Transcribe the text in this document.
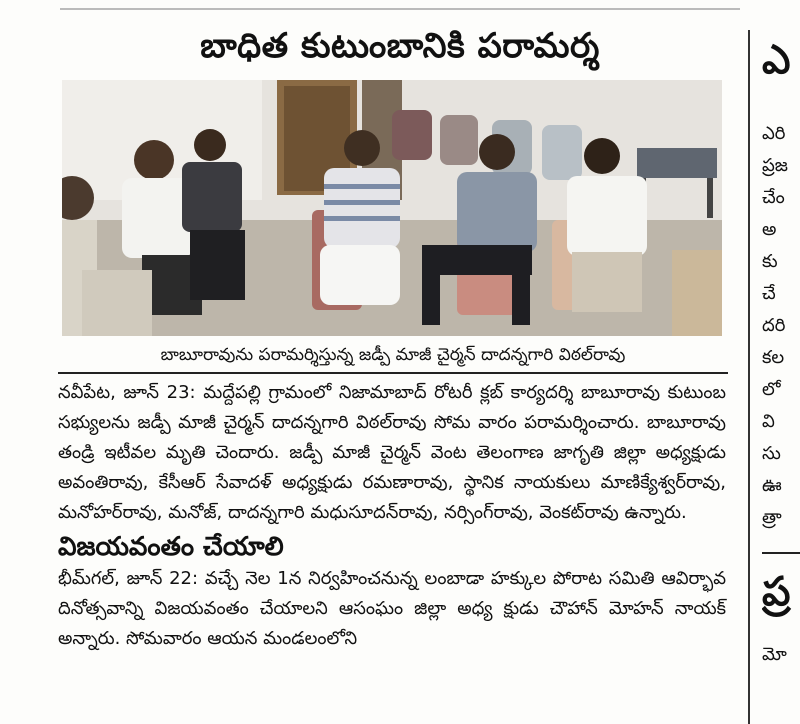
బాధిత కుటుంబానికి పరామర్శ
బాబూరావును పరామర్శిస్తున్న జడ్పీ మాజీ చైర్మన్ దాదన్నగారి విఠల్‌రావు

నవీపేట, జూన్ 23: మద్దేపల్లి గ్రామంలో నిజామాబాద్ రోటరీ క్లబ్ కార్యదర్శి బాబూరావు కుటుంబ సభ్యులను జడ్పీ మాజీ చైర్మన్ దాదన్నగారి విఠల్‌రావు సోమ వారం పరామర్శించారు. బాబూరావు తండ్రి ఇటీవల మృతి చెందారు. జడ్పీ మాజీ చైర్మన్ వెంట తెలంగాణ జాగృతి జిల్లా అధ్యక్షుడు అవంతిరావు, కేసీఆర్ సేవాదళ్ అధ్యక్షుడు రమణారావు, స్థానిక నాయకులు మాణిక్యేశ్వర్‌రావు, మనోహర్‌రావు, మనోజ్, దాదన్నగారి మధుసూదన్‌రావు, నర్సింగ్‌రావు, వెంకట్‌రావు ఉన్నారు.

విజయవంతం చేయాలి

భీమ్‌గల్, జూన్ 22: వచ్చే నెల 1న నిర్వహించనున్న లంబాడా హక్కుల పోరాట సమితి ఆవిర్భావ దినోత్సవాన్ని విజయవంతం చేయాలని ఆసంఘం జిల్లా అధ్య క్షుడు చౌహాన్ మోహన్ నాయక్ అన్నారు. సోమవారం ఆయన మండలంలోని

ఎ
ఎరి
ప్రజ
చేం
అ
కు
చే
దరి
కల
లో
వి
సు
ఊ
త్రా
ప్ర
మో
